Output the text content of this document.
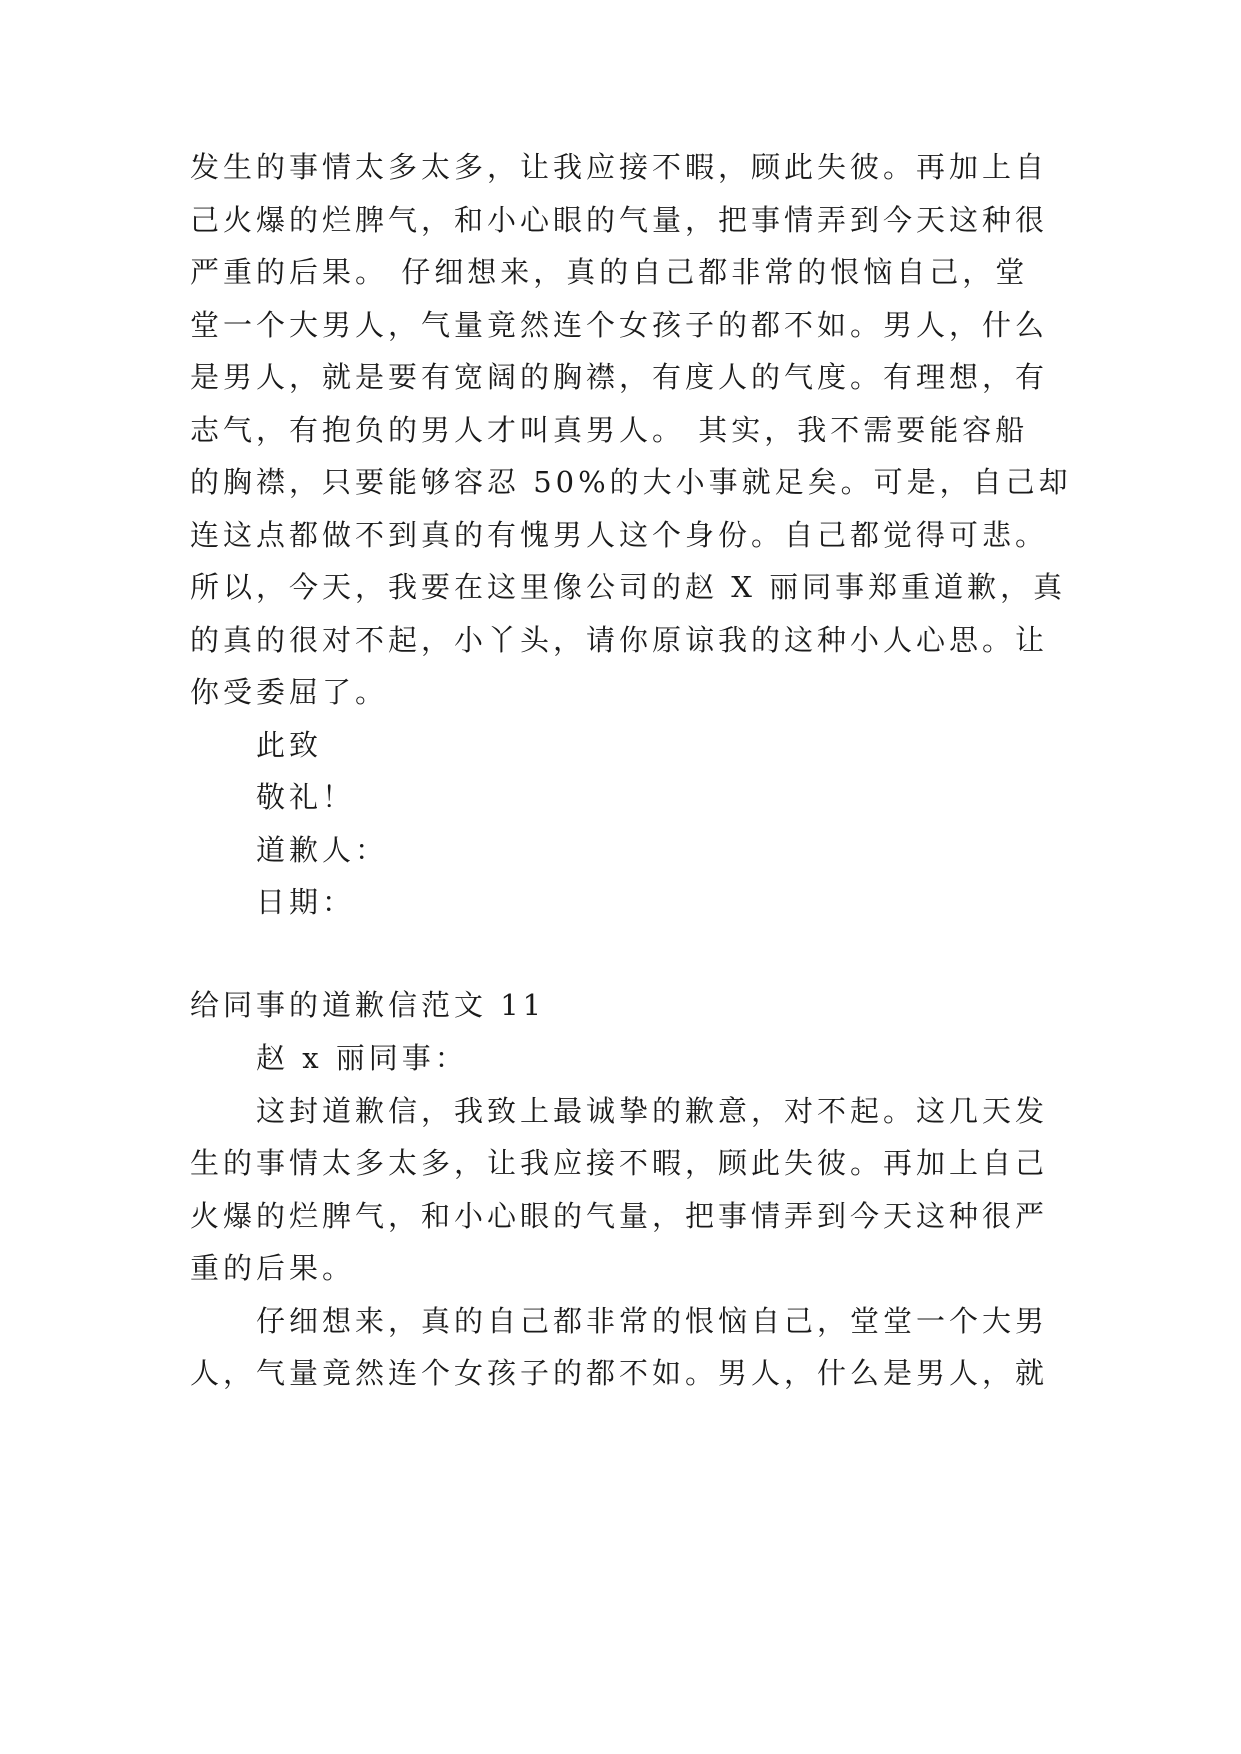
发生的事情太多太多，让我应接不暇，顾此失彼。再加上自
己火爆的烂脾气，和小心眼的气量，把事情弄到今天这种很
严重的后果。 仔细想来，真的自己都非常的恨恼自己，堂
堂一个大男人，气量竟然连个女孩子的都不如。男人，什么
是男人，就是要有宽阔的胸襟，有度人的气度。有理想，有
志气，有抱负的男人才叫真男人。 其实，我不需要能容船
的胸襟，只要能够容忍 50%的大小事就足矣。可是，自己却
连这点都做不到真的有愧男人这个身份。自己都觉得可悲。
所以，今天，我要在这里像公司的赵 X 丽同事郑重道歉，真
的真的很对不起，小丫头，请你原谅我的这种小人心思。让
你受委屈了。
此致
敬礼！
道歉人：
日期：
给同事的道歉信范文 11
赵 x 丽同事：
这封道歉信，我致上最诚挚的歉意，对不起。这几天发
生的事情太多太多，让我应接不暇，顾此失彼。再加上自己
火爆的烂脾气，和小心眼的气量，把事情弄到今天这种很严
重的后果。
仔细想来，真的自己都非常的恨恼自己，堂堂一个大男
人，气量竟然连个女孩子的都不如。男人，什么是男人，就
